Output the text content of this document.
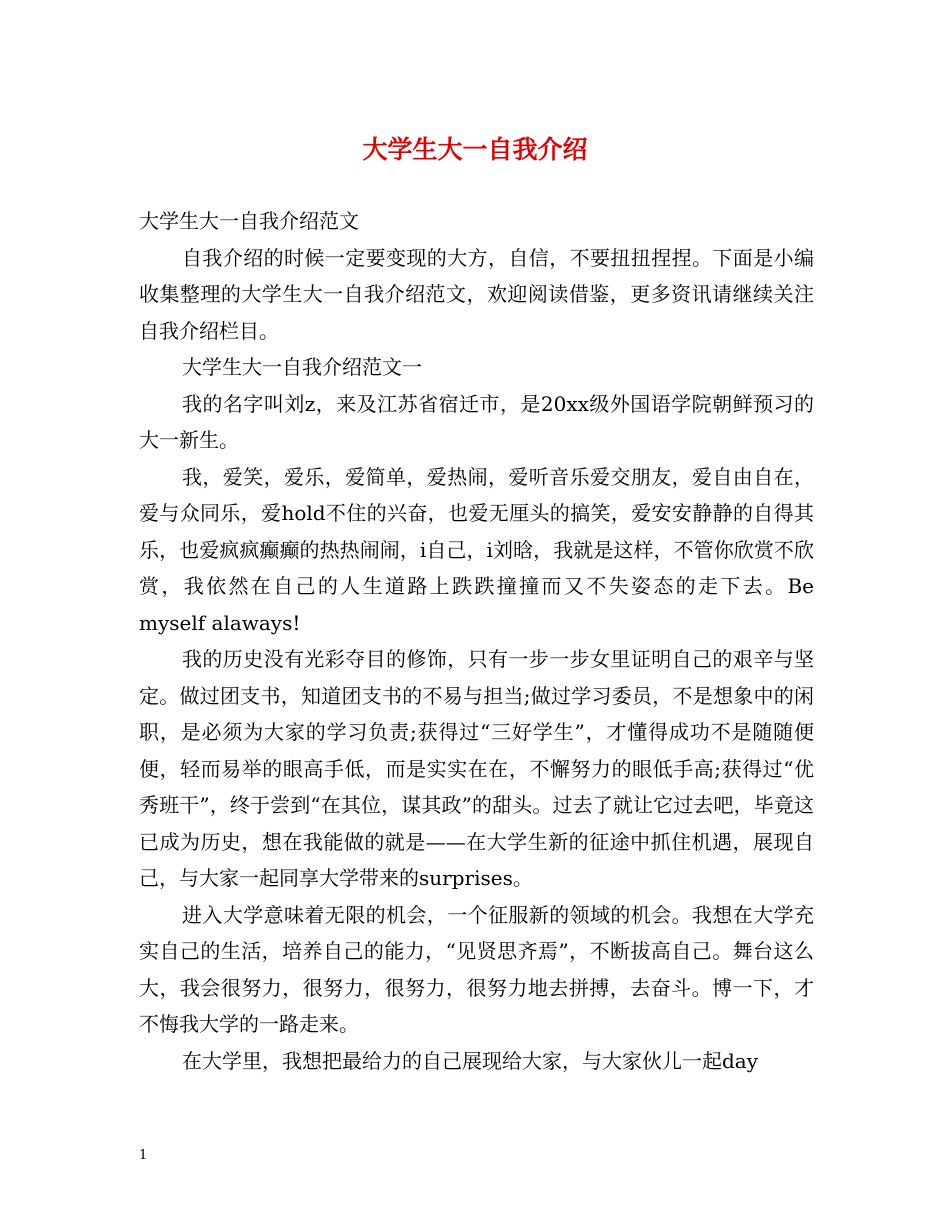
大学生大一自我介绍

大学生大一自我介绍范文

自我介绍的时候一定要变现的大方，自信，不要扭扭捏捏。下面是小编收集整理的大学生大一自我介绍范文，欢迎阅读借鉴，更多资讯请继续关注自我介绍栏目。

大学生大一自我介绍范文一

我的名字叫刘z，来及江苏省宿迁市，是20xx级外国语学院朝鲜预习的大一新生。

我，爱笑，爱乐，爱简单，爱热闹，爱听音乐爱交朋友，爱自由自在，爱与众同乐，爱hold不住的兴奋，也爱无厘头的搞笑，爱安安静静的自得其乐，也爱疯疯癫癫的热热闹闹，i自己，i刘晗，我就是这样，不管你欣赏不欣赏，我依然在自己的人生道路上跌跌撞撞而又不失姿态的走下去。Be myself alaways!

我的历史没有光彩夺目的修饰，只有一步一步女里证明自己的艰辛与坚定。做过团支书，知道团支书的不易与担当;做过学习委员，不是想象中的闲职，是必须为大家的学习负责;获得过“三好学生”，才懂得成功不是随随便便，轻而易举的眼高手低，而是实实在在，不懈努力的眼低手高;获得过“优秀班干”，终于尝到“在其位，谋其政”的甜头。过去了就让它过去吧，毕竟这已成为历史，想在我能做的就是——在大学生新的征途中抓住机遇，展现自己，与大家一起同享大学带来的surprises。

进入大学意味着无限的机会，一个征服新的领域的机会。我想在大学充实自己的生活，培养自己的能力，“见贤思齐焉”，不断拔高自己。舞台这么大，我会很努力，很努力，很努力，很努力地去拼搏，去奋斗。博一下，才不悔我大学的一路走来。

在大学里，我想把最给力的自己展现给大家，与大家伙儿一起day

1
